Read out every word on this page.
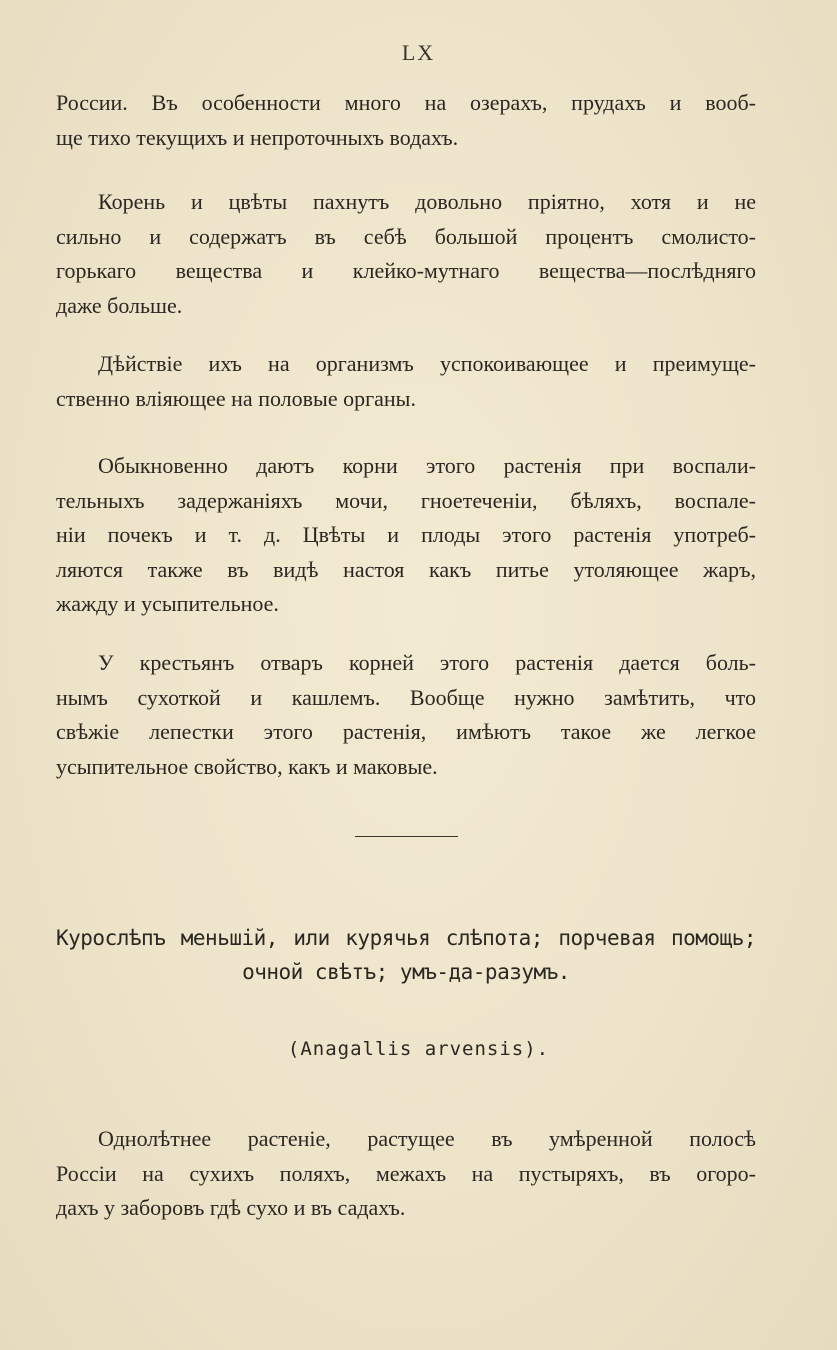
LX
России. Въ особенности много на озерахъ, прудахъ и вооб-
ще тихо текущихъ и непроточныхъ водахъ.
Корень и цвѣты пахнутъ довольно пріятно, хотя и не
сильно и содержатъ въ себѣ большой процентъ смолисто-
горькаго вещества и клейко-мутнаго вещества—послѣдняго
даже больше.
Дѣйствіе ихъ на организмъ успокоивающее и преимуще-
ственно вліяющее на половые органы.
Обыкновенно даютъ корни этого растенія при воспали-
тельныхъ задержаніяхъ мочи, гноетеченіи, бѣляхъ, воспале-
ніи почекъ и т. д. Цвѣты и плоды этого растенія употреб-
ляются также въ видѣ настоя какъ питье утоляющее жаръ,
жажду и усыпительное.
У крестьянъ отваръ корней этого растенія дается боль-
нымъ сухоткой и кашлемъ. Вообще нужно замѣтить, что
свѣжіе лепестки этого растенія, имѣютъ такое же легкое
усыпительное свойство, какъ и маковые.
Курослѣпъ меньшій, или курячья слѣпота; порчевая помощь;
очной свѣтъ; умъ-да-разумъ.
(Anagallis arvensis).
Однолѣтнее растеніе, растущее въ умѣренной полосѣ
Россіи на сухихъ поляхъ, межахъ на пустыряхъ, въ огоро-
дахъ у заборовъ гдѣ сухо и въ садахъ.
